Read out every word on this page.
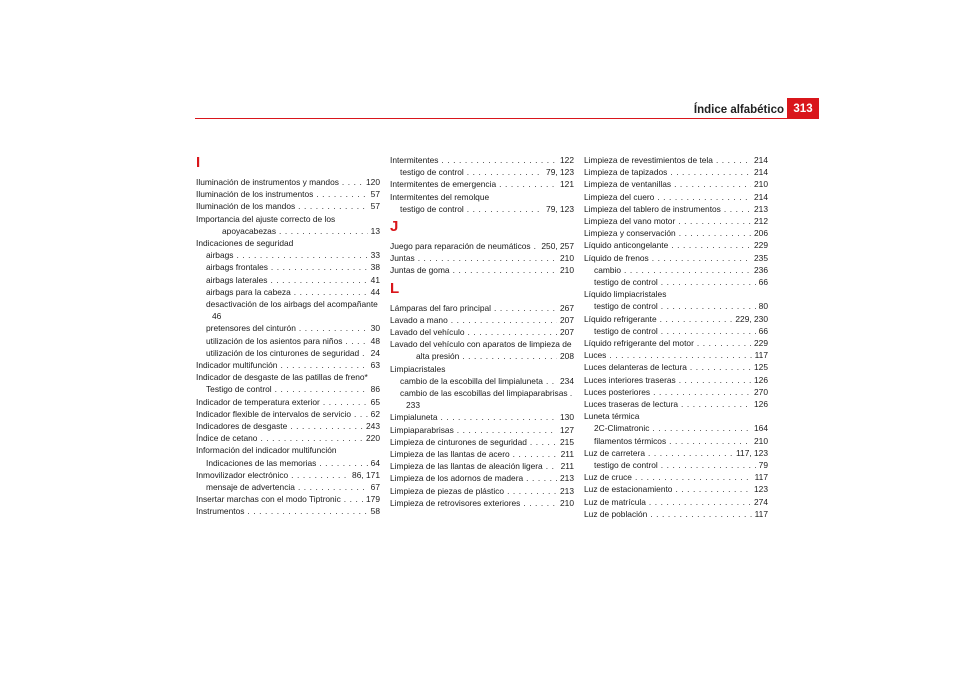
Índice alfabético 313
I
Iluminación de instrumentos y mandos . . .	120
Iluminación de los instrumentos . . .	57
Iluminación de los mandos . . .	57
Importancia del ajuste correcto de los
apoyacabezas . . .	13
Indicaciones de seguridad
airbags . . .	33
airbags frontales . . .	38
airbags laterales . . .	41
airbags para la cabeza . . .	44
desactivación de los airbags del acompañante
46
pretensores del cinturón . . .	30
utilización de los asientos para niños . . .	48
utilización de los cinturones de seguridad . . . 24
Indicador multifunción . . .	63
Indicador de desgaste de las patillas de freno*
Testigo de control . . .	86
Indicador de temperatura exterior . . .	65
Indicador flexible de intervalos de servicio . . . 62
Indicadores de desgaste . . .	243
Índice de cetano . . .	220
Información del indicador multifunción
Indicaciones de las memorias . . .	64
Inmovilizador electrónico . . .	86, 171
mensaje de advertencia . . .	67
Insertar marchas con el modo Tiptronic . . .	179
Instrumentos . . .	58
Intermitentes . . .	122
testigo de control . . .	79, 123
Intermitentes de emergencia . . .	121
Intermitentes del remolque
testigo de control . . .	79, 123
J
Juego para reparación de neumáticos . . . 250, 257
Juntas . . .	210
Juntas de goma . . .	210
L
Lámparas del faro principal . . .	267
Lavado a mano . . .	207
Lavado del vehículo . . .	207
Lavado del vehículo con aparatos de limpieza de
alta presión . . .	208
Limpiacristales
cambio de la escobilla del limpialuneta . . . 234
cambio de las escobillas del limpiaparabrisas .
233
Limpialuneta . . .	130
Limpiaparabrisas . . .	127
Limpieza de cinturones de seguridad . . .	215
Limpieza de las llantas de acero . . .	211
Limpieza de las llantas de aleación ligera . . . 211
Limpieza de los adornos de madera . . .	213
Limpieza de piezas de plástico . . .	213
Limpieza de retrovisores exteriores . . .	210
Limpieza de revestimientos de tela . . .	214
Limpieza de tapizados . . .	214
Limpieza de ventanillas . . .	210
Limpieza del cuero . . .	214
Limpieza del tablero de instrumentos . . .	213
Limpieza del vano motor . . .	212
Limpieza y conservación . . .	206
Líquido anticongelante . . .	229
Líquido de frenos . . .	235
cambio . . .	236
testigo de control . . .	66
Líquido limpiacristales
testigo de control . . .	80
Líquido refrigerante . . .	229, 230
testigo de control . . .	66
Líquido refrigerante del motor . . .	229
Luces . . .	117
Luces delanteras de lectura . . .	125
Luces interiores traseras . . .	126
Luces posteriores . . .	270
Luces traseras de lectura . . .	126
Luneta térmica
2C-Climatronic . . .	164
filamentos térmicos . . .	210
Luz de carretera . . .	117, 123
testigo de control . . .	79
Luz de cruce . . .	117
Luz de estacionamiento . . .	123
Luz de matrícula . . .	274
Luz de población . . .	117
